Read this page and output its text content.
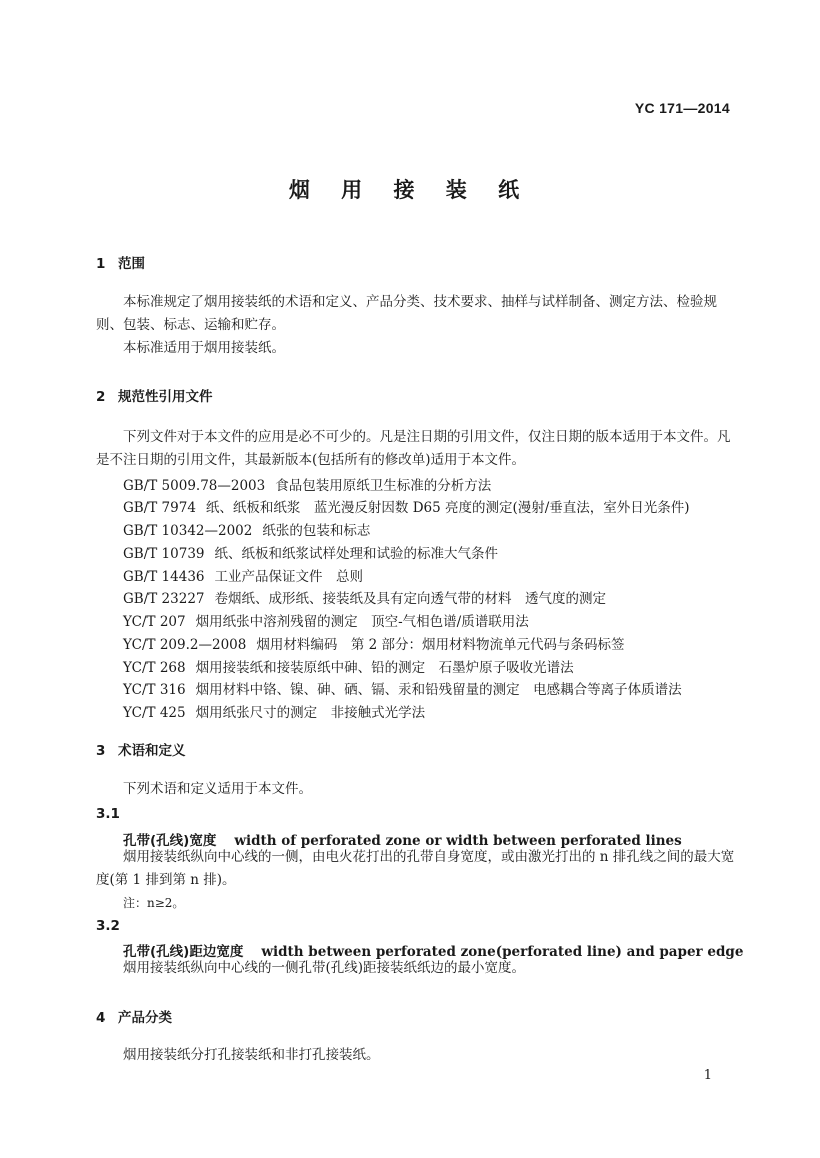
YC 171—2014
烟 用 接 装 纸
1 范围
本标准规定了烟用接装纸的术语和定义、产品分类、技术要求、抽样与试样制备、测定方法、检验规则、包装、标志、运输和贮存。
本标准适用于烟用接装纸。
2 规范性引用文件
下列文件对于本文件的应用是必不可少的。凡是注日期的引用文件，仅注日期的版本适用于本文件。凡是不注日期的引用文件，其最新版本(包括所有的修改单)适用于本文件。
GB/T 5009.78—2003 食品包装用原纸卫生标准的分析方法
GB/T 7974 纸、纸板和纸浆　蓝光漫反射因数 D65 亮度的测定(漫射/垂直法，室外日光条件)
GB/T 10342—2002 纸张的包装和标志
GB/T 10739 纸、纸板和纸浆试样处理和试验的标准大气条件
GB/T 14436 工业产品保证文件　总则
GB/T 23227 卷烟纸、成形纸、接装纸及具有定向透气带的材料　透气度的测定
YC/T 207 烟用纸张中溶剂残留的测定　顶空-气相色谱/质谱联用法
YC/T 209.2—2008 烟用材料编码　第 2 部分：烟用材料物流单元代码与条码标签
YC/T 268 烟用接装纸和接装原纸中砷、铅的测定　石墨炉原子吸收光谱法
YC/T 316 烟用材料中铬、镍、砷、硒、镉、汞和铅残留量的测定　电感耦合等离子体质谱法
YC/T 425 烟用纸张尺寸的测定　非接触式光学法
3 术语和定义
下列术语和定义适用于本文件。
3.1
孔带(孔线)宽度 width of perforated zone or width between perforated lines
烟用接装纸纵向中心线的一侧，由电火花打出的孔带自身宽度，或由激光打出的 n 排孔线之间的最大宽度(第 1 排到第 n 排)。
注：n≥2。
3.2
孔带(孔线)距边宽度 width between perforated zone(perforated line) and paper edge
烟用接装纸纵向中心线的一侧孔带(孔线)距接装纸纸边的最小宽度。
4 产品分类
烟用接装纸分打孔接装纸和非打孔接装纸。
1
